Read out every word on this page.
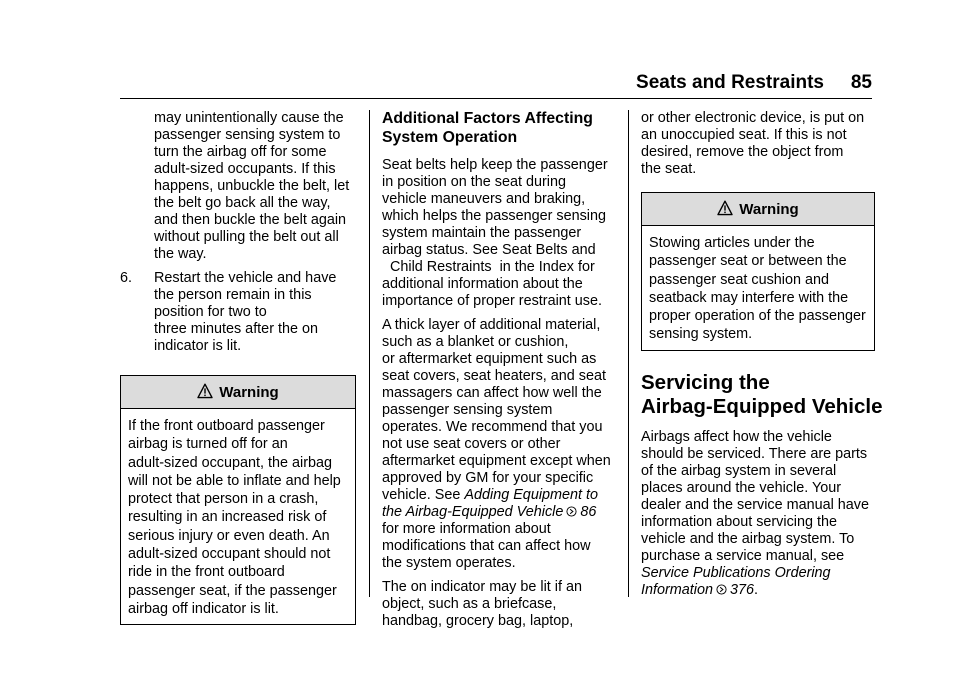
Seats and Restraints 85
may unintentionally cause the
passenger sensing system to
turn the airbag off for some
adult-sized occupants. If this
happens, unbuckle the belt, let
the belt go back all the way,
and then buckle the belt again
without pulling the belt out all
the way.
6. Restart the vehicle and have
the person remain in this
position for two to
three minutes after the on
indicator is lit.
Warning
If the front outboard passenger
airbag is turned off for an
adult-sized occupant, the airbag
will not be able to inflate and help
protect that person in a crash,
resulting in an increased risk of
serious injury or even death. An
adult-sized occupant should not
ride in the front outboard
passenger seat, if the passenger
airbag off indicator is lit.
Additional Factors Affecting
System Operation
Seat belts help keep the passenger
in position on the seat during
vehicle maneuvers and braking,
which helps the passenger sensing
system maintain the passenger
airbag status. See Seat Belts and
Child Restraints  in the Index for
additional information about the
importance of proper restraint use.
A thick layer of additional material,
such as a blanket or cushion,
or aftermarket equipment such as
seat covers, seat heaters, and seat
massagers can affect how well the
passenger sensing system
operates. We recommend that you
not use seat covers or other
aftermarket equipment except when
approved by GM for your specific
vehicle. See Adding Equipment to
the Airbag-Equipped Vehicle 86
for more information about
modifications that can affect how
the system operates.
The on indicator may be lit if an
object, such as a briefcase,
handbag, grocery bag, laptop,
or other electronic device, is put on
an unoccupied seat. If this is not
desired, remove the object from
the seat.
Warning
Stowing articles under the
passenger seat or between the
passenger seat cushion and
seatback may interfere with the
proper operation of the passenger
sensing system.
Servicing the
Airbag-Equipped Vehicle
Airbags affect how the vehicle
should be serviced. There are parts
of the airbag system in several
places around the vehicle. Your
dealer and the service manual have
information about servicing the
vehicle and the airbag system. To
purchase a service manual, see
Service Publications Ordering
Information 376.
